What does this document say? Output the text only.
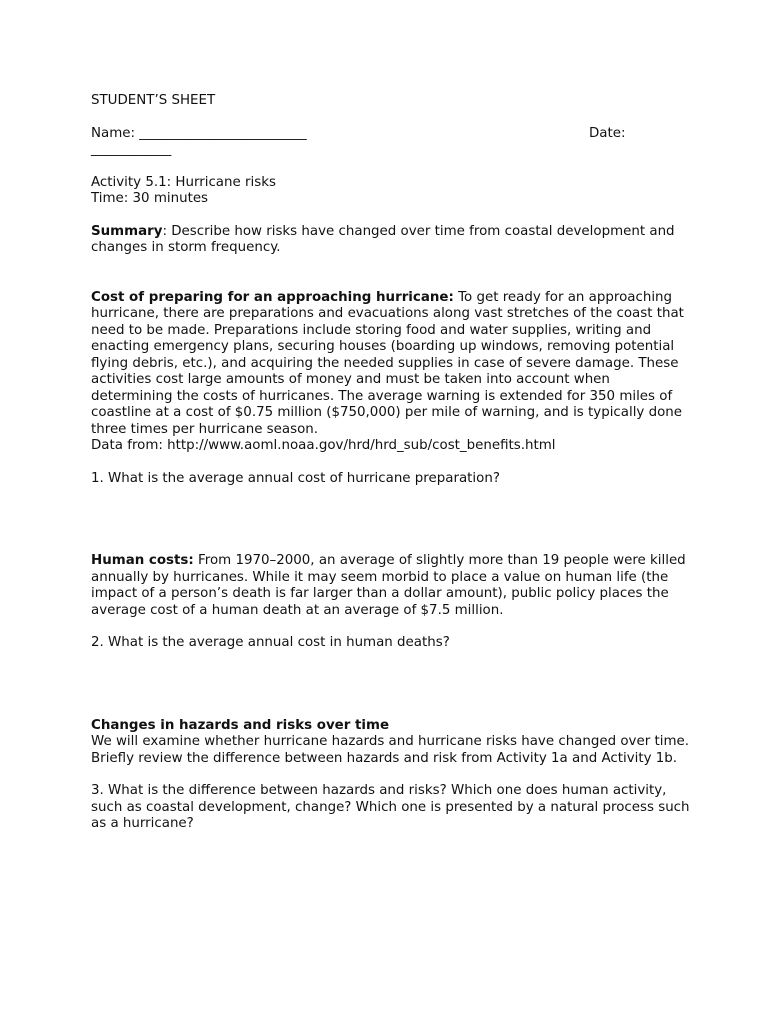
STUDENT’S SHEET

Name: _________________________	Date:

____________

Activity 5.1: Hurricane risks

Time: 30 minutes

Summary: Describe how risks have changed over time from coastal development and changes in storm frequency.

Cost of preparing for an approaching hurricane: To get ready for an approaching hurricane, there are preparations and evacuations along vast stretches of the coast that need to be made. Preparations include storing food and water supplies, writing and enacting emergency plans, securing houses (boarding up windows, removing potential flying debris, etc.), and acquiring the needed supplies in case of severe damage. These activities cost large amounts of money and must be taken into account when determining the costs of hurricanes. The average warning is extended for 350 miles of coastline at a cost of $0.75 million ($750,000) per mile of warning, and is typically done three times per hurricane season.

Data from: http://www.aoml.noaa.gov/hrd/hrd_sub/cost_benefits.html

1. What is the average annual cost of hurricane preparation?

Human costs: From 1970–2000, an average of slightly more than 19 people were killed annually by hurricanes. While it may seem morbid to place a value on human life (the impact of a person’s death is far larger than a dollar amount), public policy places the average cost of a human death at an average of $7.5 million.

2. What is the average annual cost in human deaths?

Changes in hazards and risks over time

We will examine whether hurricane hazards and hurricane risks have changed over time. Briefly review the difference between hazards and risk from Activity 1a and Activity 1b.

3. What is the difference between hazards and risks? Which one does human activity, such as coastal development, change? Which one is presented by a natural process such as a hurricane?
